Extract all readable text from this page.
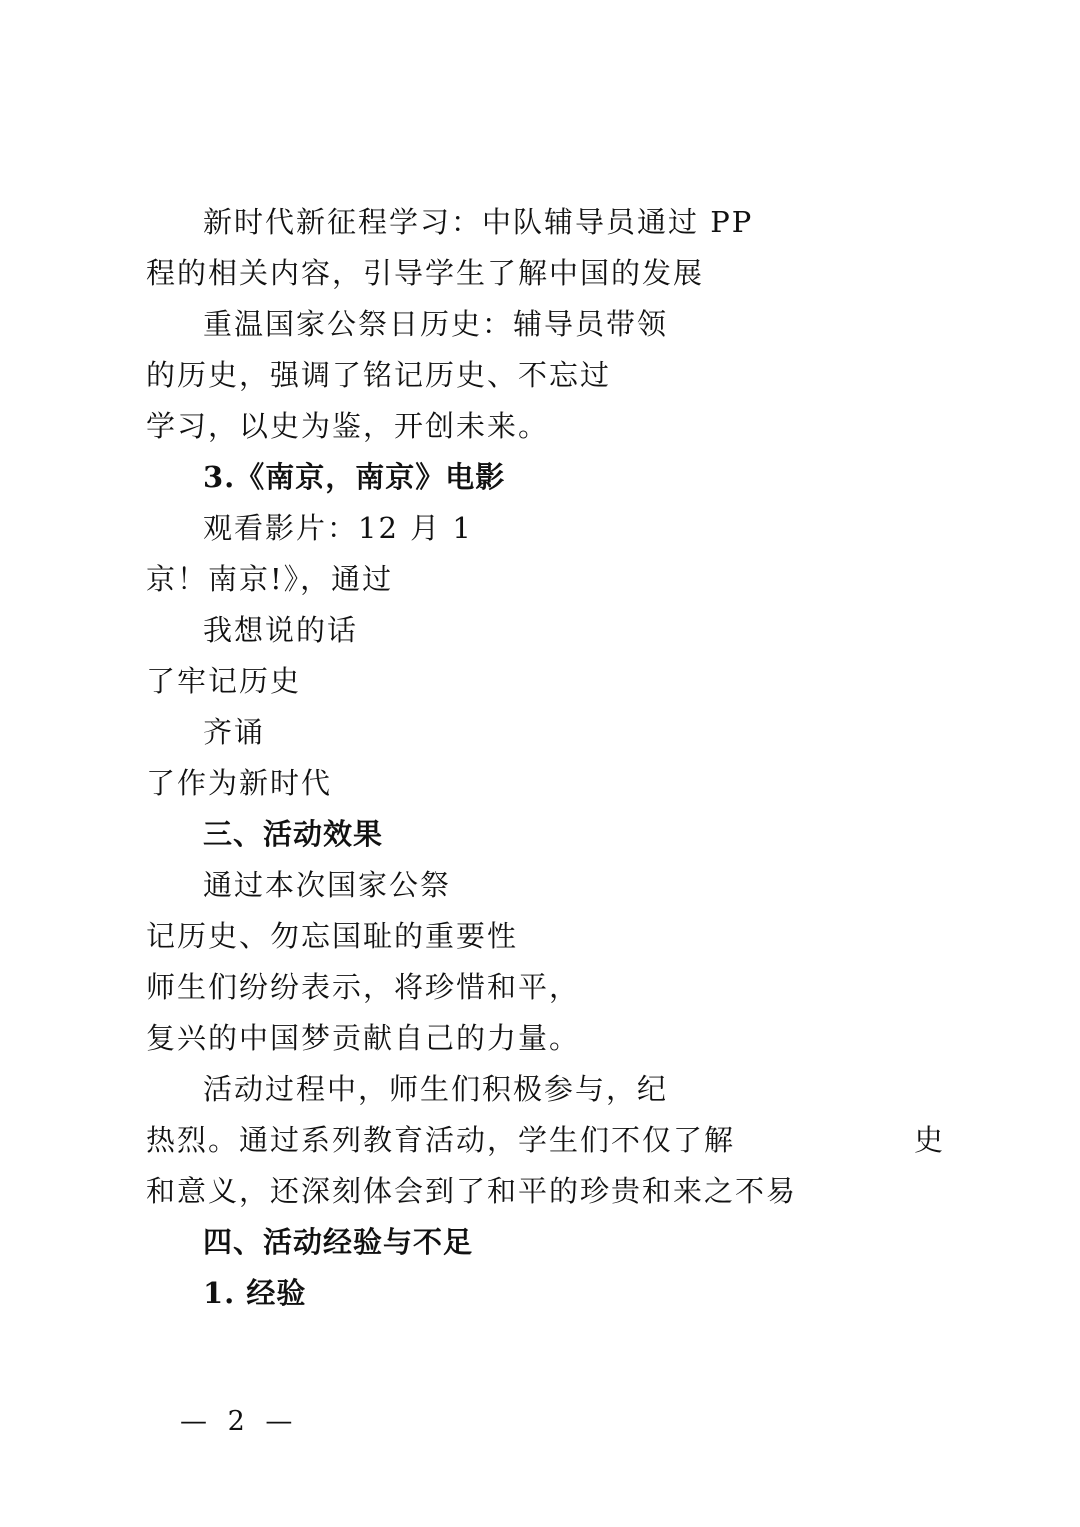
新时代新征程学习：中队辅导员通过 PP
程的相关内容，引导学生了解中国的发展
重温国家公祭日历史：辅导员带领
的历史，强调了铭记历史、不忘过
学习，以史为鉴，开创未来。
3.《南京，南京》电影
观看影片：12 月 1
京！南京!》，通过
我想说的话
了牢记历史
齐诵
了作为新时代
三、活动效果
通过本次国家公祭
记历史、勿忘国耻的重要性
师生们纷纷表示，将珍惜和平，
复兴的中国梦贡献自己的力量。
活动过程中，师生们积极参与，纪
热烈。通过系列教育活动，学生们不仅了解	史
和意义，还深刻体会到了和平的珍贵和来之不易
四、活动经验与不足
1. 经验
— 2 —
